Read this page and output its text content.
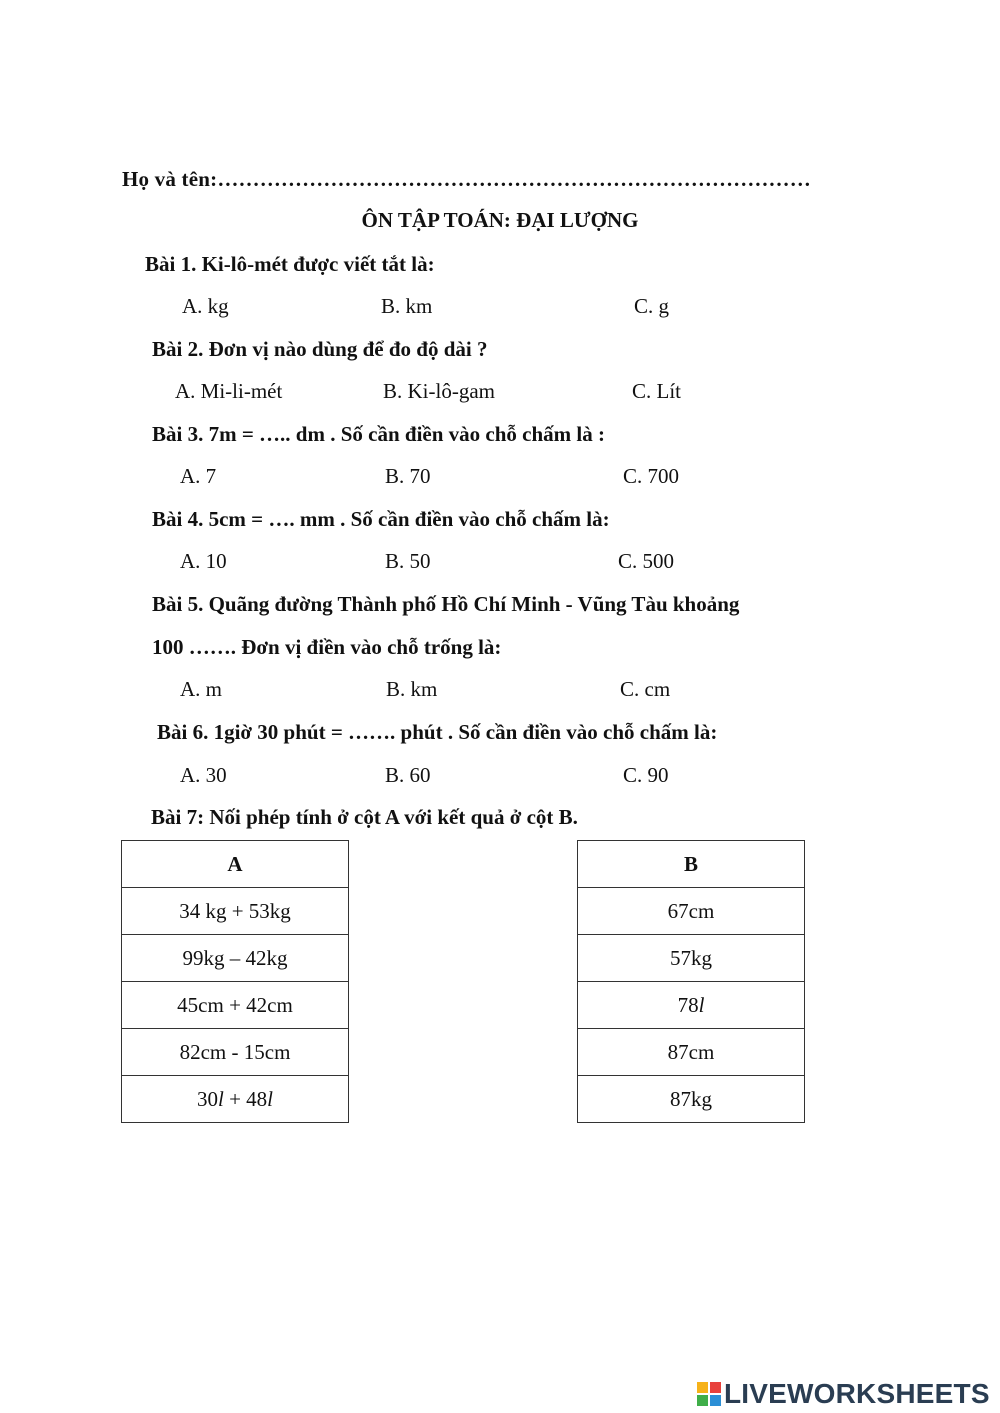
Họ và tên:…………………………………………………………………………
ÔN TẬP TOÁN: ĐẠI LƯỢNG
Bài 1. Ki-lô-mét được viết tắt là:
A. kg	B. km	C. g
Bài 2. Đơn vị nào dùng để đo độ dài ?
A. Mi-li-mét	B. Ki-lô-gam	C. Lít
Bài 3. 7m = ….. dm . Số cần điền vào chỗ chấm là :
A. 7	B. 70	C. 700
Bài 4. 5cm = …. mm . Số cần điền vào chỗ chấm là:
A. 10	B. 50	C. 500
Bài 5. Quãng đường Thành phố Hồ Chí Minh - Vũng Tàu khoảng
100 ……. Đơn vị điền vào chỗ trống là:
A. m	B. km	C. cm
Bài 6. 1giờ 30 phút = ……. phút . Số cần điền vào chỗ chấm là:
A. 30	B. 60	C. 90
Bài 7: Nối phép tính ở cột A với kết quả ở cột B.
A
34 kg + 53kg
99kg – 42kg
45cm + 42cm
82cm - 15cm
30l + 48l
B
67cm
57kg
78l
87cm
87kg
LIVEWORKSHEETS
